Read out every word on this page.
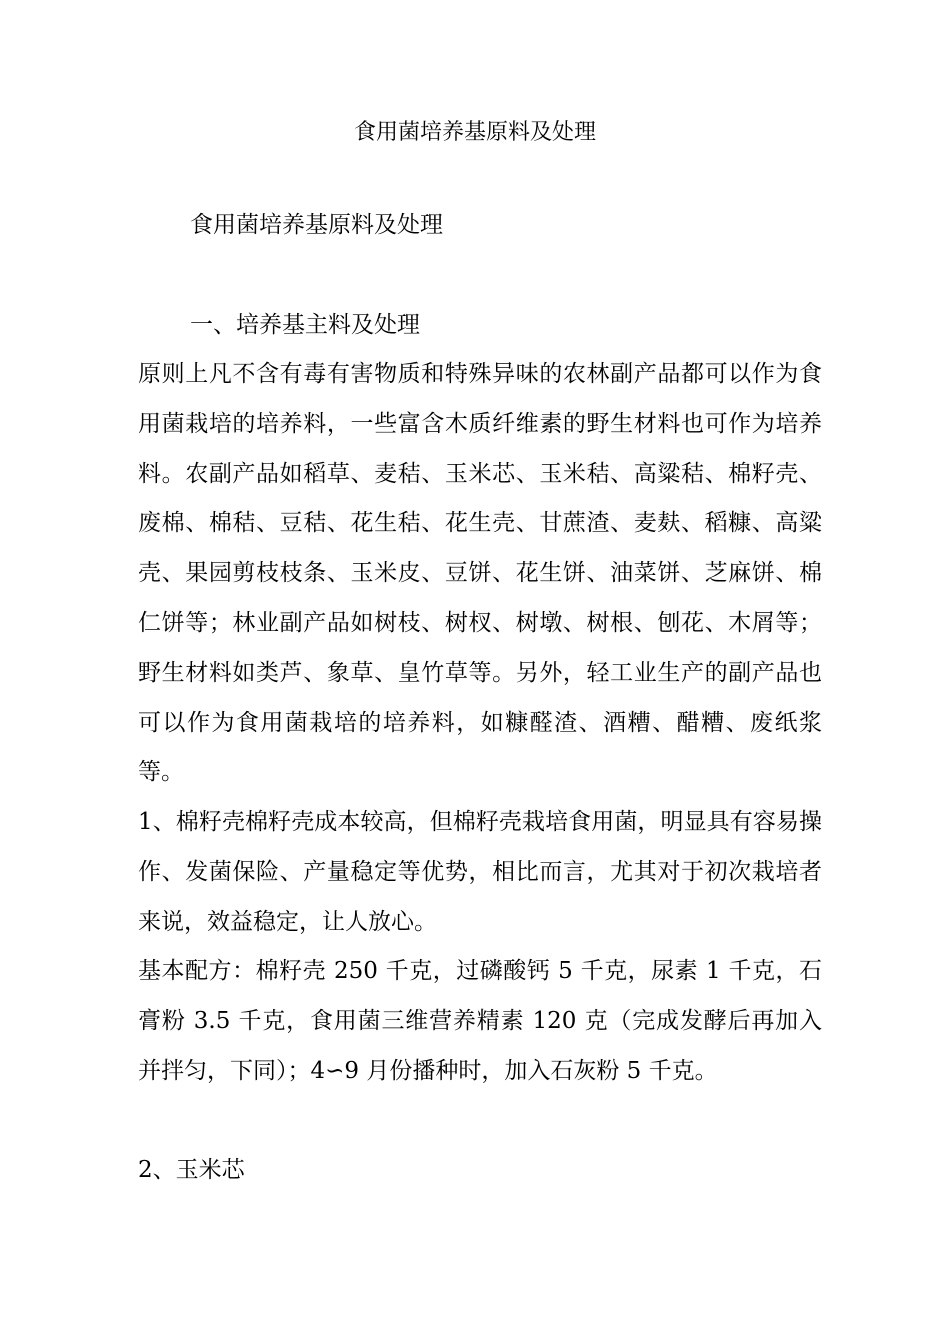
食用菌培养基原料及处理
食用菌培养基原料及处理
一、培养基主料及处理
原则上凡不含有毒有害物质和特殊异味的农林副产品都可以作为食用菌栽培的培养料，一些富含木质纤维素的野生材料也可作为培养料。农副产品如稻草、麦秸、玉米芯、玉米秸、高粱秸、棉籽壳、废棉、棉秸、豆秸、花生秸、花生壳、甘蔗渣、麦麸、稻糠、高粱壳、果园剪枝枝条、玉米皮、豆饼、花生饼、油菜饼、芝麻饼、棉仁饼等；林业副产品如树枝、树杈、树墩、树根、刨花、木屑等；野生材料如类芦、象草、皇竹草等。另外，轻工业生产的副产品也可以作为食用菌栽培的培养料，如糠醛渣、酒糟、醋糟、废纸浆等。
1、棉籽壳棉籽壳成本较高，但棉籽壳栽培食用菌，明显具有容易操作、发菌保险、产量稳定等优势，相比而言，尤其对于初次栽培者来说，效益稳定，让人放心。
基本配方：棉籽壳 250 千克，过磷酸钙 5 千克，尿素 1 千克，石膏粉 3.5 千克，食用菌三维营养精素 120 克（完成发酵后再加入并拌匀，下同）；4∽9 月份播种时，加入石灰粉 5 千克。
2、玉米芯
